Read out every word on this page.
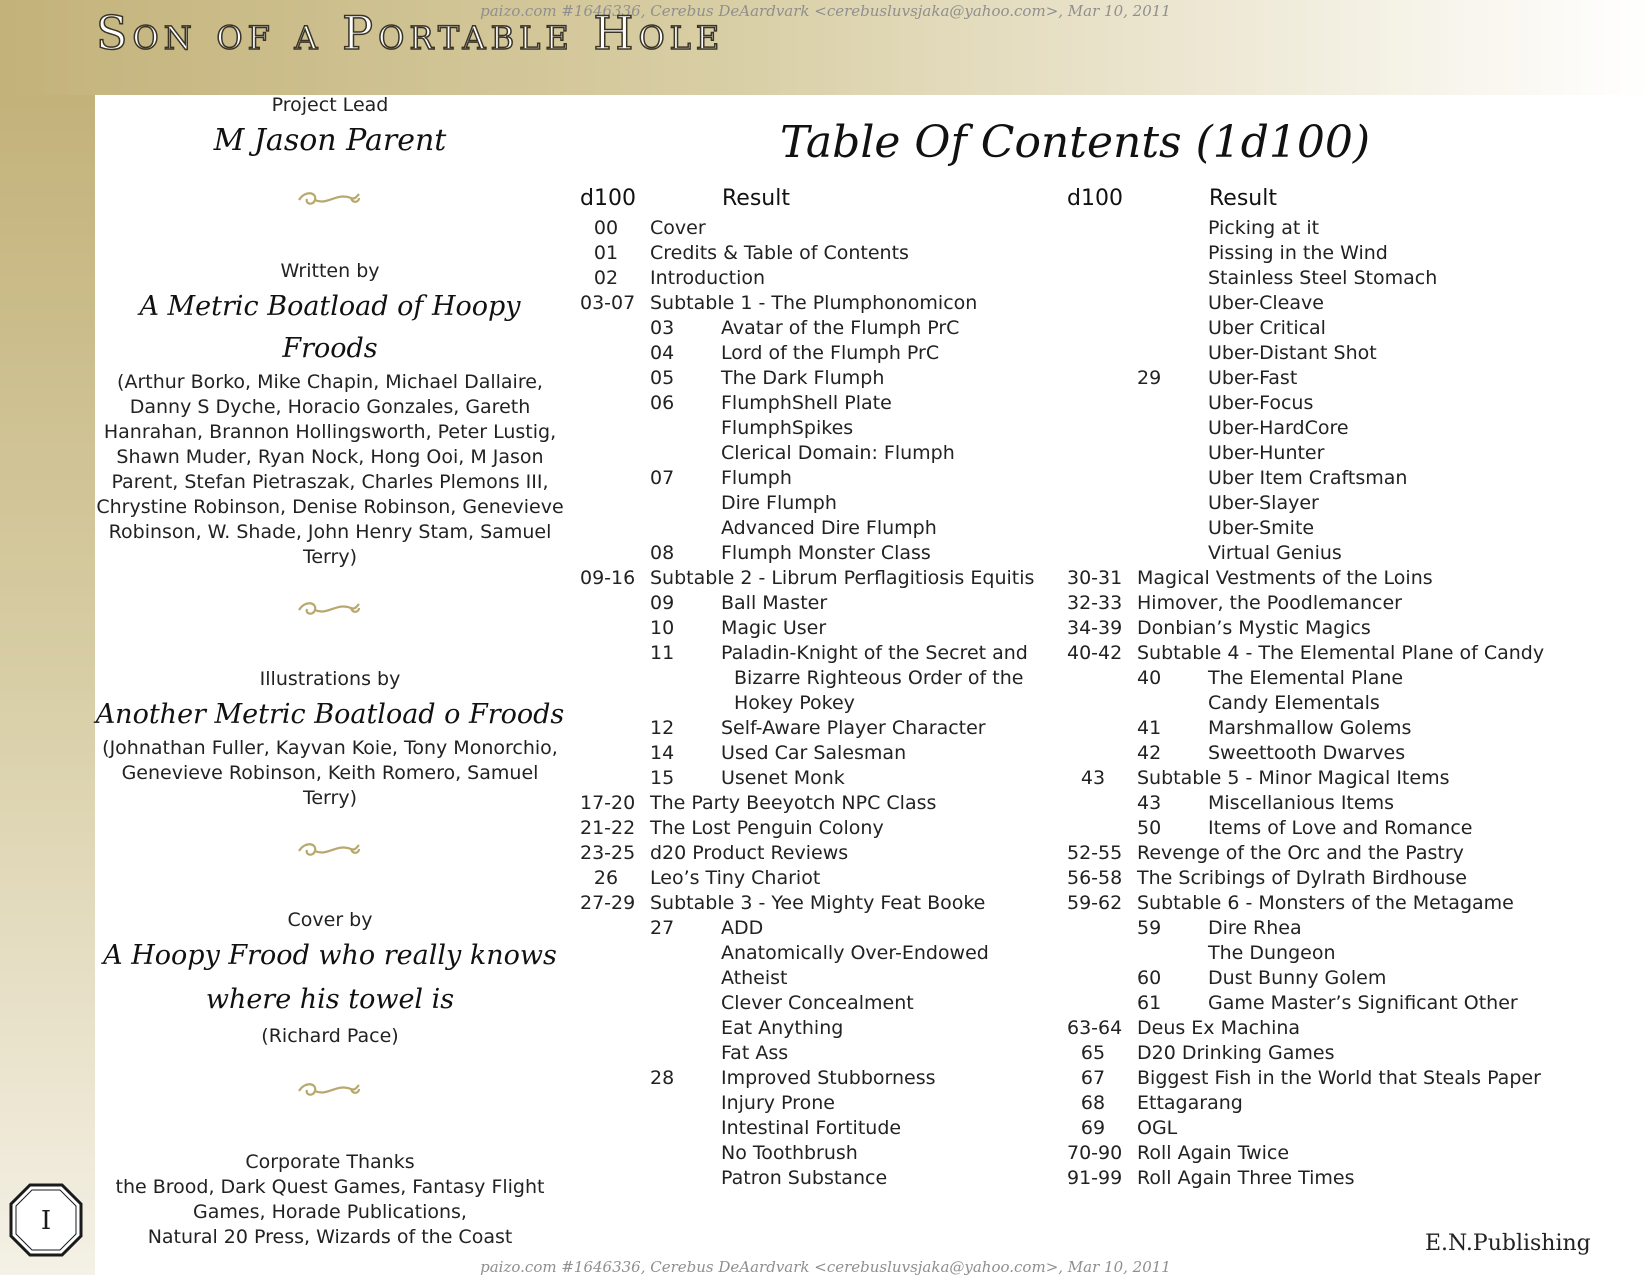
paizo.com #1646336, Cerebus DeAardvark <cerebusluvsjaka@yahoo.com>, Mar 10, 2011
Son of a Portable Hole
Project Lead
M Jason Parent
Written by
A Metric Boatload of Hoopy Froods
(Arthur Borko, Mike Chapin, Michael Dallaire,
Danny S Dyche, Horacio Gonzales, Gareth
Hanrahan, Brannon Hollingsworth, Peter Lustig,
Shawn Muder, Ryan Nock, Hong Ooi, M Jason
Parent, Stefan Pietraszak, Charles Plemons III,
Chrystine Robinson, Denise Robinson, Genevieve
Robinson, W. Shade, John Henry Stam, Samuel Terry)
Illustrations by
Another Metric Boatload o Froods
(Johnathan Fuller, Kayvan Koie, Tony Monorchio,
Genevieve Robinson, Keith Romero, Samuel Terry)
Cover by
A Hoopy Frood who really knows
where his towel is
(Richard Pace)
Corporate Thanks
the Brood, Dark Quest Games, Fantasy Flight
Games, Horade Publications,
Natural 20 Press, Wizards of the Coast
Table Of Contents (1d100)
d100	Result
00	Cover
01	Credits & Table of Contents
02	Introduction
03-07 Subtable 1 - The Plumphonomicon
03 Avatar of the Flumph PrC
04 Lord of the Flumph PrC
05 The Dark Flumph
06 FlumphShell Plate
FlumphSpikes
Clerical Domain: Flumph
07 Flumph
Dire Flumph
Advanced Dire Flumph
08 Flumph Monster Class
09-16 Subtable 2 - Librum Perflagitiosis Equitis
09 Ball Master
10 Magic User
11 Paladin-Knight of the Secret and
Bizarre Righteous Order of the
Hokey Pokey
12 Self-Aware Player Character
14 Used Car Salesman
15 Usenet Monk
17-20 The Party Beeyotch NPC Class
21-22 The Lost Penguin Colony
23-25 d20 Product Reviews
26	Leo’s Tiny Chariot
27-29 Subtable 3 - Yee Mighty Feat Booke
27 ADD
Anatomically Over-Endowed
Atheist
Clever Concealment
Eat Anything
Fat Ass
28 Improved Stubborness
Injury Prone
Intestinal Fortitude
No Toothbrush
Patron Substance
d100	Result
Picking at it
Pissing in the Wind
Stainless Steel Stomach
Uber-Cleave
Uber Critical
Uber-Distant Shot
29 Uber-Fast
Uber-Focus
Uber-HardCore
Uber-Hunter
Uber Item Craftsman
Uber-Slayer
Uber-Smite
Virtual Genius
30-31 Magical Vestments of the Loins
32-33 Himover, the Poodlemancer
34-39 Donbian’s Mystic Magics
40-42 Subtable 4 - The Elemental Plane of Candy
40 The Elemental Plane
Candy Elementals
41 Marshmallow Golems
42 Sweettooth Dwarves
43	Subtable 5 - Minor Magical Items
43 Miscellanious Items
50 Items of Love and Romance
52-55 Revenge of the Orc and the Pastry
56-58 The Scribings of Dylrath Birdhouse
59-62 Subtable 6 - Monsters of the Metagame
59 Dire Rhea
The Dungeon
60 Dust Bunny Golem
61 Game Master’s Significant Other
63-64 Deus Ex Machina
65	D20 Drinking Games
67	Biggest Fish in the World that Steals Paper
68	Ettagarang
69	OGL
70-90 Roll Again Twice
91-99 Roll Again Three Times
I
E.N.Publishing
paizo.com #1646336, Cerebus DeAardvark <cerebusluvsjaka@yahoo.com>, Mar 10, 2011
